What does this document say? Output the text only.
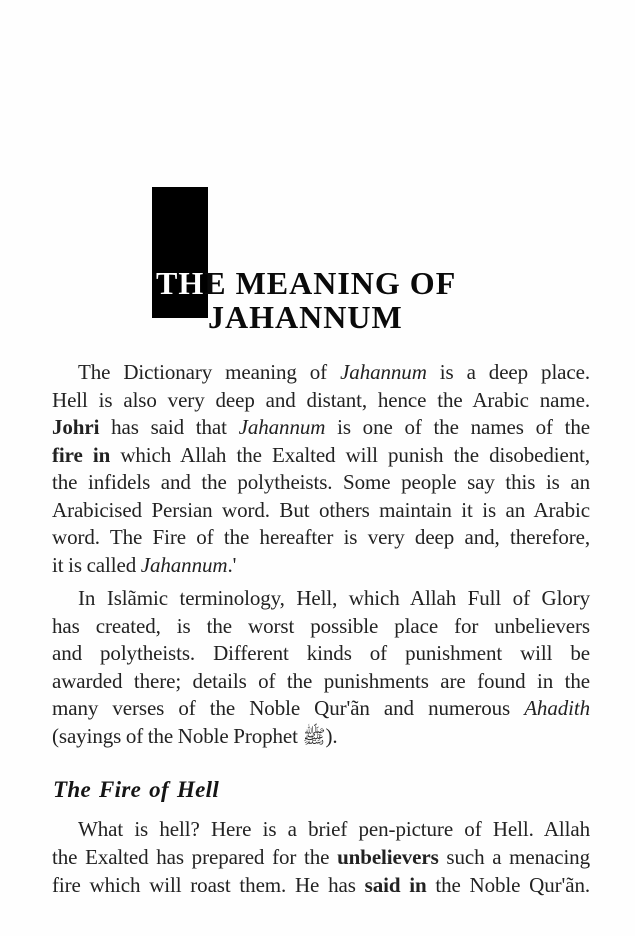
THE MEANING OF
JAHANNUM
The Dictionary meaning of Jahannum is a deep place.
Hell is also very deep and distant, hence the Arabic name.
Johri has said that Jahannum is one of the names of the
fire in which Allah the Exalted will punish the disobedient,
the infidels and the polytheists. Some people say this is an
Arabicised Persian word. But others maintain it is an Arabic
word. The Fire of the hereafter is very deep and, therefore,
it is called Jahannum.'
In Islãmic terminology, Hell, which Allah Full of Glory
has created, is the worst possible place for unbelievers
and polytheists. Different kinds of punishment will be
awarded there; details of the punishments are found in the
many verses of the Noble Qur'ãn and numerous Ahadith
(sayings of the Noble Prophet ﷺ).
The Fire of Hell
What is hell? Here is a brief pen-picture of Hell. Allah
the Exalted has prepared for the unbelievers such a menacing
fire which will roast them. He has said in the Noble Qur'ãn.
